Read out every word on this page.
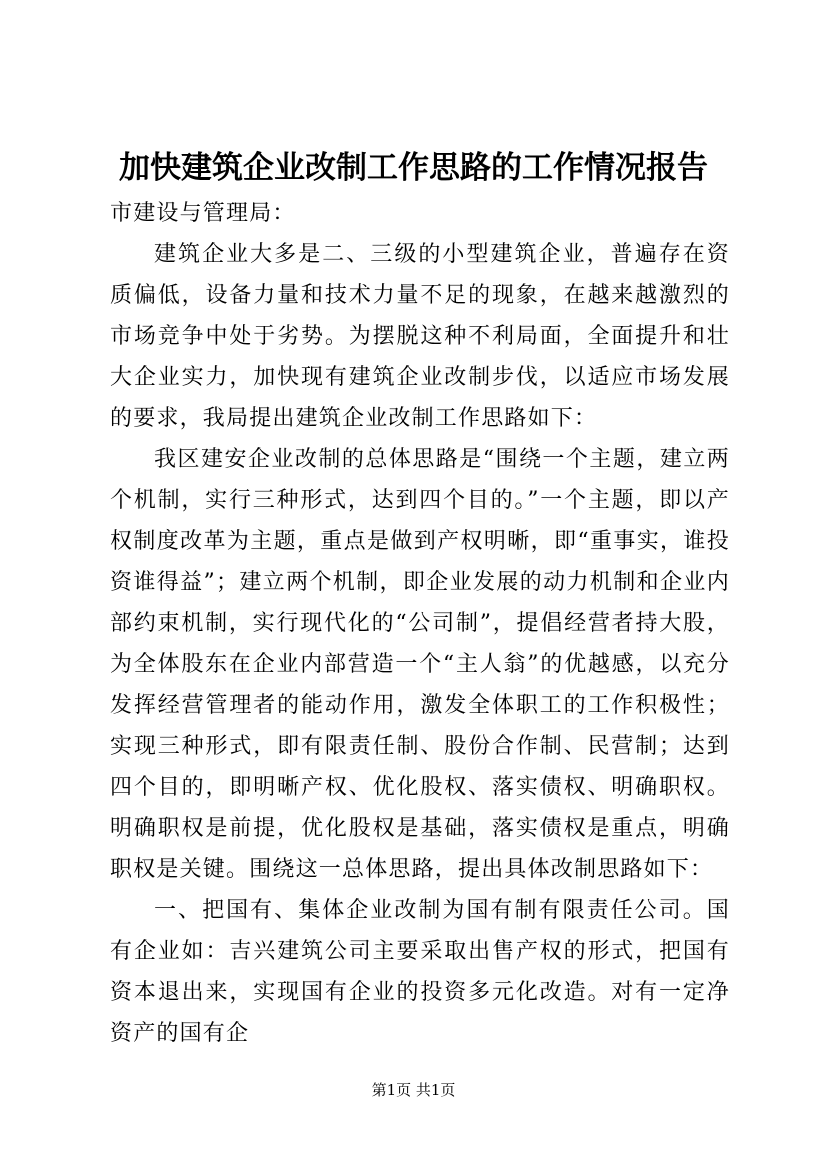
加快建筑企业改制工作思路的工作情况报告

市建设与管理局：

建筑企业大多是二、三级的小型建筑企业，普遍存在资质偏低，设备力量和技术力量不足的现象，在越来越激烈的市场竞争中处于劣势。为摆脱这种不利局面，全面提升和壮大企业实力，加快现有建筑企业改制步伐，以适应市场发展的要求，我局提出建筑企业改制工作思路如下：

我区建安企业改制的总体思路是“围绕一个主题，建立两个机制，实行三种形式，达到四个目的。”一个主题，即以产权制度改革为主题，重点是做到产权明晰，即“重事实，谁投资谁得益”；建立两个机制，即企业发展的动力机制和企业内部约束机制，实行现代化的“公司制”，提倡经营者持大股，为全体股东在企业内部营造一个“主人翁”的优越感，以充分发挥经营管理者的能动作用，激发全体职工的工作积极性；实现三种形式，即有限责任制、股份合作制、民营制；达到四个目的，即明晰产权、优化股权、落实债权、明确职权。明确职权是前提，优化股权是基础，落实债权是重点，明确职权是关键。围绕这一总体思路，提出具体改制思路如下：

一、把国有、集体企业改制为国有制有限责任公司。国有企业如：吉兴建筑公司主要采取出售产权的形式，把国有资本退出来，实现国有企业的投资多元化改造。对有一定净资产的国有企

第1页 共1页
